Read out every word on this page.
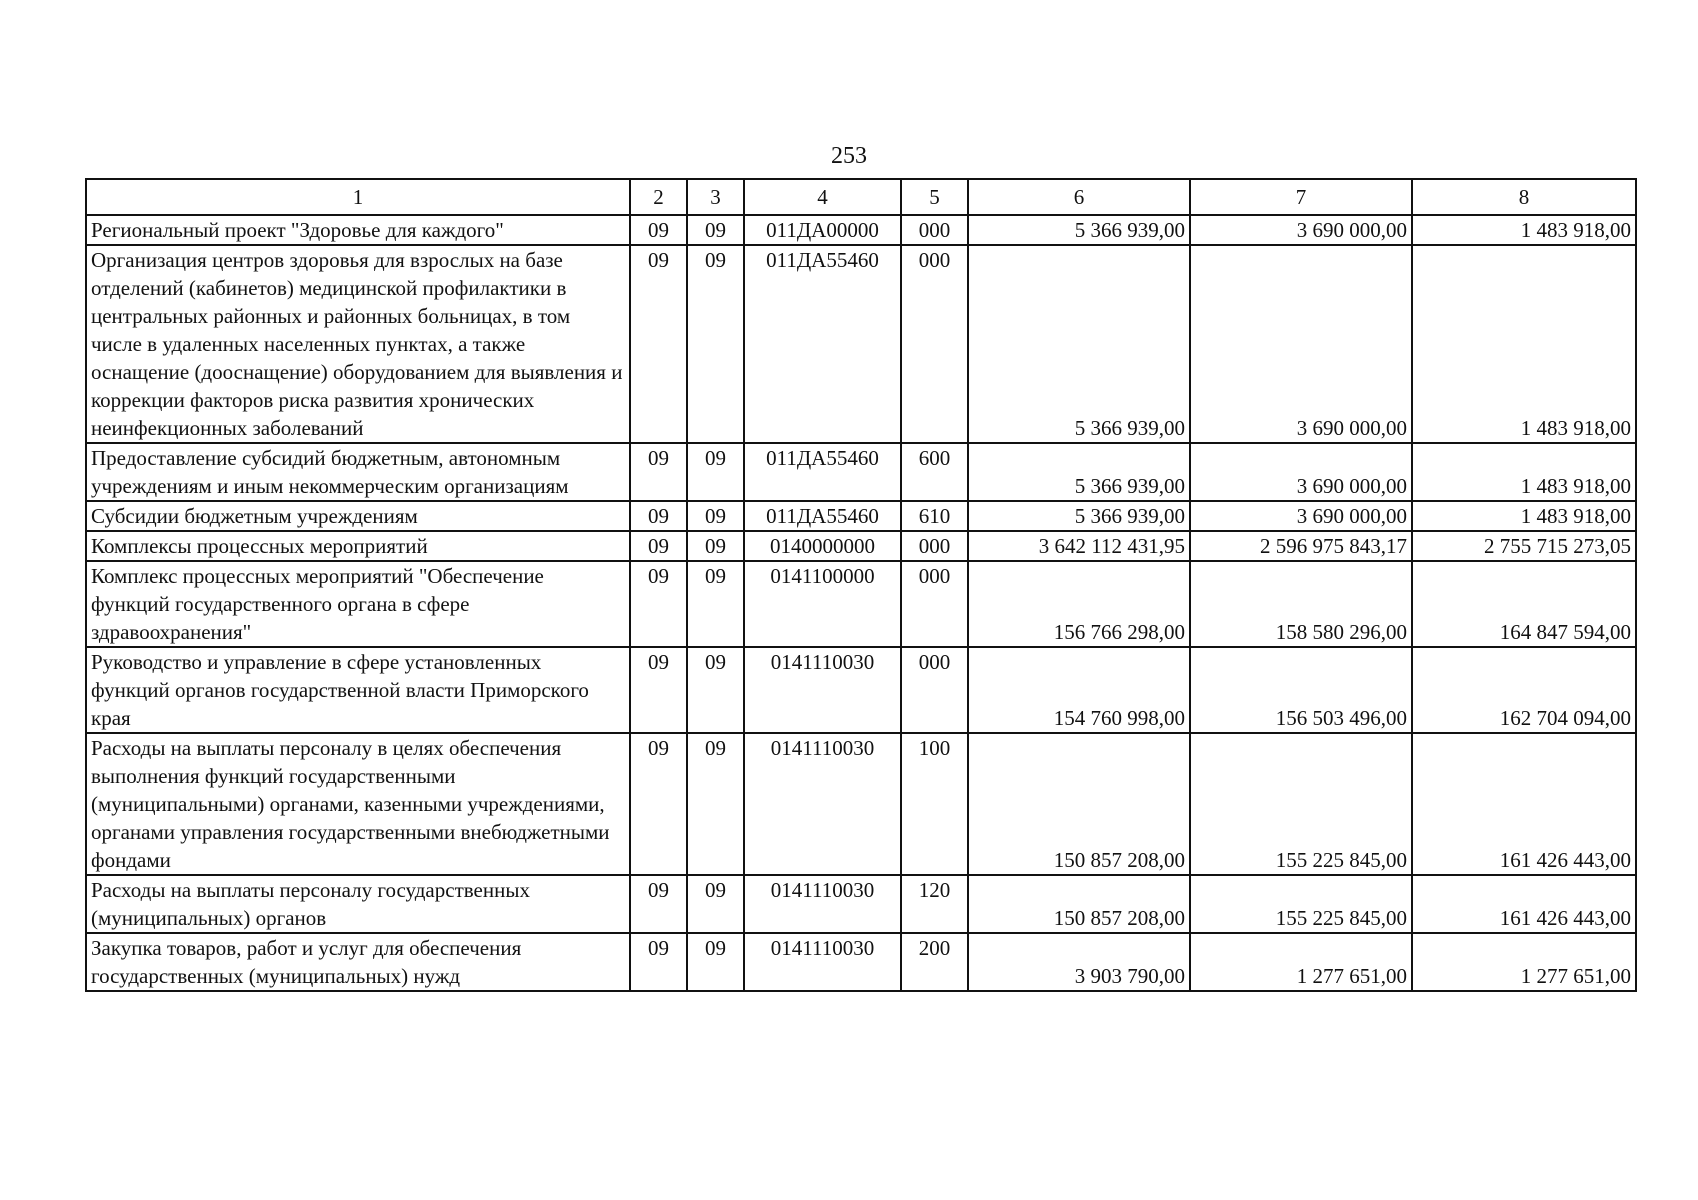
253
1	2	3	4	5	6	7	8
Региональный проект "Здоровье для каждого"	09	09	011ДА00000	000	5 366 939,00	3 690 000,00	1 483 918,00
Организация центров здоровья для взрослых на базе отделений (кабинетов) медицинской профилактики в центральных районных и районных больницах, в том числе в удаленных населенных пунктах, а также оснащение (дооснащение) оборудованием для выявления и коррекции факторов риска развития хронических неинфекционных заболеваний	09	09	011ДА55460	000	5 366 939,00	3 690 000,00	1 483 918,00
Предоставление субсидий бюджетным, автономным учреждениям и иным некоммерческим организациям	09	09	011ДА55460	600	5 366 939,00	3 690 000,00	1 483 918,00
Субсидии бюджетным учреждениям	09	09	011ДА55460	610	5 366 939,00	3 690 000,00	1 483 918,00
Комплексы процессных мероприятий	09	09	0140000000	000	3 642 112 431,95	2 596 975 843,17	2 755 715 273,05
Комплекс процессных мероприятий "Обеспечение функций государственного органа в сфере здравоохранения"	09	09	0141100000	000	156 766 298,00	158 580 296,00	164 847 594,00
Руководство и управление в сфере установленных функций органов государственной власти Приморского края	09	09	0141110030	000	154 760 998,00	156 503 496,00	162 704 094,00
Расходы на выплаты персоналу в целях обеспечения выполнения функций государственными (муниципальными) органами, казенными учреждениями, органами управления государственными внебюджетными фондами	09	09	0141110030	100	150 857 208,00	155 225 845,00	161 426 443,00
Расходы на выплаты персоналу государственных (муниципальных) органов	09	09	0141110030	120	150 857 208,00	155 225 845,00	161 426 443,00
Закупка товаров, работ и услуг для обеспечения государственных (муниципальных) нужд	09	09	0141110030	200	3 903 790,00	1 277 651,00	1 277 651,00
